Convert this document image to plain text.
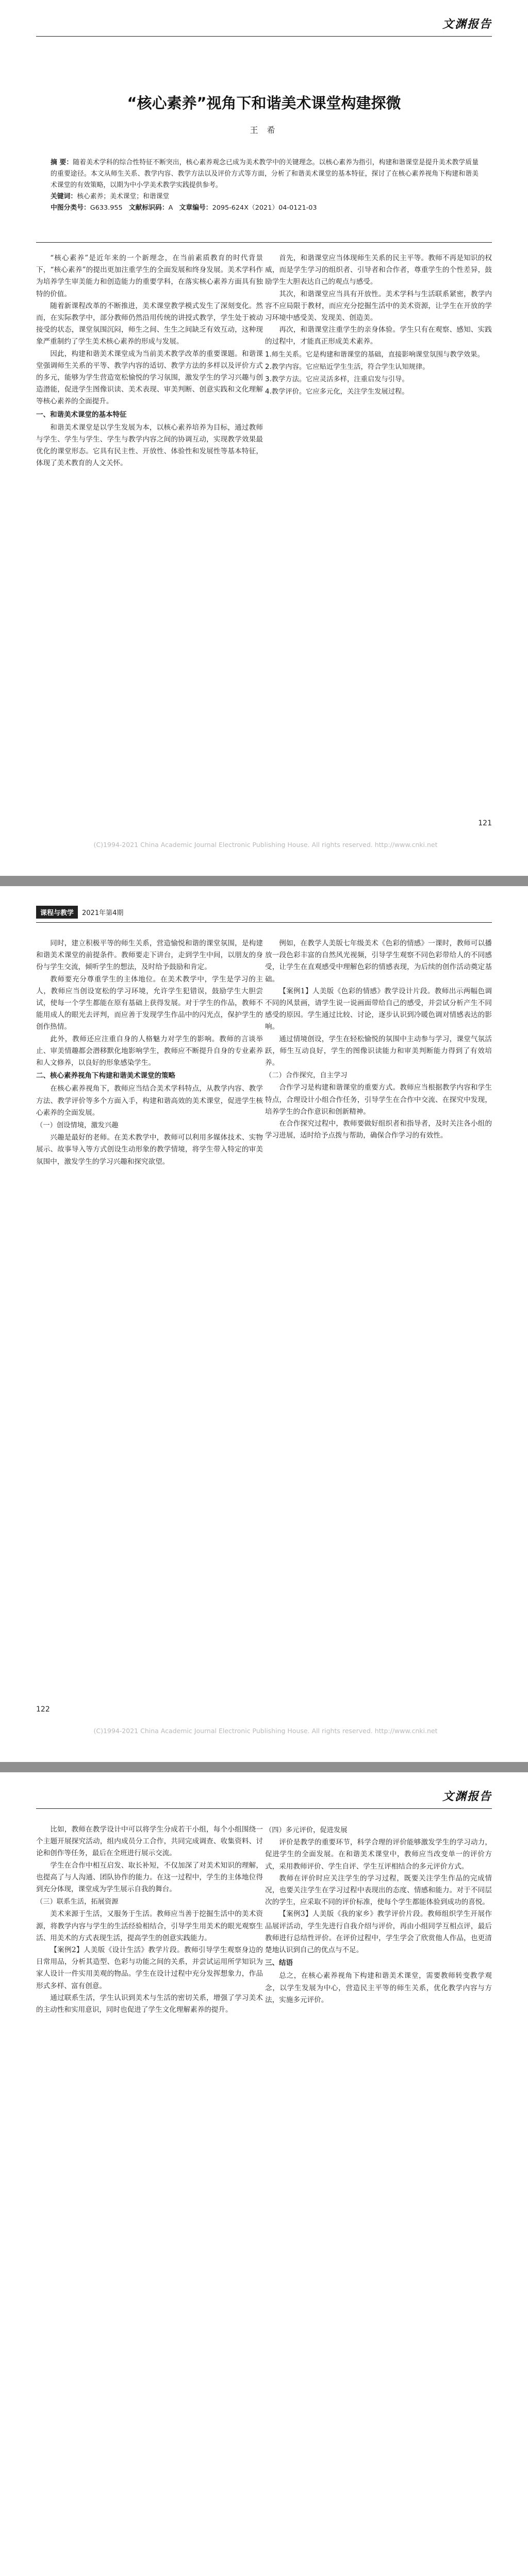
文渊报告
“核心素养”视角下和谐美术课堂构建探微
王 希
摘 要：随着美术学科的综合性特征不断突出，核心素养观念已成为美术教学中的关键理念。以核心素养为指引，构建和谐课堂是提升美术教学质量的重要途径。本文从师生关系、教学内容、教学方法以及评价方式等方面，分析了和谐美术课堂的基本特征，探讨了在核心素养视角下构建和谐美术课堂的有效策略，以期为中小学美术教学实践提供参考。
关键词：核心素养；美术课堂；和谐课堂
中图分类号：G633.955 文献标识码：A 文章编号：2095-624X（2021）04-0121-03

“核心素养”是近年来的一个新理念，在当前素质教育的时代背景下，“核心素养”的提出更加注重学生的全面发展和终身发展。美术学科作为培养学生审美能力和创造能力的重要学科，在落实核心素养方面具有独特的价值。

随着新课程改革的不断推进，美术课堂教学模式发生了深刻变化。然而，在实际教学中，部分教师仍然沿用传统的讲授式教学，学生处于被动接受的状态，课堂氛围沉闷，师生之间、生生之间缺乏有效互动，这种现象严重制约了学生美术核心素养的形成与发展。

因此，构建和谐美术课堂成为当前美术教学改革的重要课题。和谐课堂强调师生关系的平等、教学内容的适切、教学方法的多样以及评价方式的多元，能够为学生营造宽松愉悦的学习氛围，激发学生的学习兴趣与创造潜能，促进学生图像识读、美术表现、审美判断、创意实践和文化理解等核心素养的全面提升。

一、和谐美术课堂的基本特征

和谐美术课堂是以学生发展为本，以核心素养培养为目标，通过教师与学生、学生与学生、学生与教学内容之间的协调互动，实现教学效果最优化的课堂形态。它具有民主性、开放性、体验性和发展性等基本特征，体现了美术教育的人文关怀。

首先，和谐课堂应当体现师生关系的民主平等。教师不再是知识的权威，而是学生学习的组织者、引导者和合作者，尊重学生的个性差异，鼓励学生大胆表达自己的观点与感受。

其次，和谐课堂应当具有开放性。美术学科与生活联系紧密，教学内容不应局限于教材，而应充分挖掘生活中的美术资源，让学生在开放的学习环境中感受美、发现美、创造美。

再次，和谐课堂注重学生的亲身体验。学生只有在观察、感知、实践的过程中，才能真正形成美术素养。

1.师生关系。它是构建和谐课堂的基础，直接影响课堂氛围与教学效果。

2.教学内容。它应贴近学生生活，符合学生认知规律。

3.教学方法。它应灵活多样，注重启发与引导。

4.教学评价。它应多元化，关注学生发展过程。

121
(C)1994-2021 China Academic Journal Electronic Publishing House. All rights reserved. http://www.cnki.net
课程与教学 2021年第4期

同时，建立积极平等的师生关系，营造愉悦和谐的课堂氛围，是构建和谐美术课堂的前提条件。教师要走下讲台，走到学生中间，以朋友的身份与学生交流，倾听学生的想法，及时给予鼓励和肯定。

教师要充分尊重学生的主体地位。在美术教学中，学生是学习的主人，教师应当创设宽松的学习环境，允许学生犯错误，鼓励学生大胆尝试，使每一个学生都能在原有基础上获得发展。对于学生的作品，教师不能用成人的眼光去评判，而应善于发现学生作品中的闪光点，保护学生的创作热情。

此外，教师还应注重自身的人格魅力对学生的影响。教师的言谈举止、审美情趣都会潜移默化地影响学生，教师应不断提升自身的专业素养和人文修养，以良好的形象感染学生。

二、核心素养视角下构建和谐美术课堂的策略

在核心素养视角下，教师应当结合美术学科特点，从教学内容、教学方法、教学评价等多个方面入手，构建和谐高效的美术课堂，促进学生核心素养的全面发展。

（一）创设情境，激发兴趣

兴趣是最好的老师。在美术教学中，教师可以利用多媒体技术、实物展示、故事导入等方式创设生动形象的教学情境，将学生带入特定的审美氛围中，激发学生的学习兴趣和探究欲望。

例如，在教学人美版七年级美术《色彩的情感》一课时，教师可以播放一段色彩丰富的自然风光视频，引导学生观察不同色彩带给人的不同感受，让学生在直观感受中理解色彩的情感表现，为后续的创作活动奠定基础。

【案例1】人美版《色彩的情感》教学设计片段。教师出示两幅色调不同的风景画，请学生说一说画面带给自己的感受，并尝试分析产生不同感受的原因。学生通过比较、讨论，逐步认识到冷暖色调对情感表达的影响。

通过情境创设，学生在轻松愉悦的氛围中主动参与学习，课堂气氛活跃，师生互动良好，学生的图像识读能力和审美判断能力得到了有效培养。

（二）合作探究，自主学习

合作学习是构建和谐课堂的重要方式。教师应当根据教学内容和学生特点，合理设计小组合作任务，引导学生在合作中交流、在探究中发现，培养学生的合作意识和创新精神。

在合作探究过程中，教师要做好组织者和指导者，及时关注各小组的学习进展，适时给予点拨与帮助，确保合作学习的有效性。

122
(C)1994-2021 China Academic Journal Electronic Publishing House. All rights reserved. http://www.cnki.net
文渊报告

比如，教师在教学设计中可以将学生分成若干小组，每个小组围绕一个主题开展探究活动，组内成员分工合作，共同完成调查、收集资料、讨论和创作等任务，最后在全班进行展示交流。

学生在合作中相互启发、取长补短，不仅加深了对美术知识的理解，也提高了与人沟通、团队协作的能力。在这一过程中，学生的主体地位得到充分体现，课堂成为学生展示自我的舞台。

（三）联系生活，拓展资源

美术来源于生活，又服务于生活。教师应当善于挖掘生活中的美术资源，将教学内容与学生的生活经验相结合，引导学生用美术的眼光观察生活、用美术的方式表现生活，提高学生的创意实践能力。

【案例2】人美版《设计生活》教学片段。教师引导学生观察身边的日常用品，分析其造型、色彩与功能之间的关系，并尝试运用所学知识为家人设计一件实用美观的物品。学生在设计过程中充分发挥想象力，作品形式多样、富有创意。

通过联系生活，学生认识到美术与生活的密切关系，增强了学习美术的主动性和实用意识，同时也促进了学生文化理解素养的提升。

（四）多元评价，促进发展

评价是教学的重要环节，科学合理的评价能够激发学生的学习动力，促进学生的全面发展。在和谐美术课堂中，教师应当改变单一的评价方式，采用教师评价、学生自评、学生互评相结合的多元评价方式。

教师在评价时应关注学生的学习过程，既要关注学生作品的完成情况，也要关注学生在学习过程中表现出的态度、情感和能力。对于不同层次的学生，应采取不同的评价标准，使每个学生都能体验到成功的喜悦。

【案例3】人美版《我的家乡》教学评价片段。教师组织学生开展作品展评活动，学生先进行自我介绍与评价，再由小组同学互相点评，最后教师进行总结性评价。在评价过程中，学生学会了欣赏他人作品，也更清楚地认识到自己的优点与不足。

三、结语

总之，在核心素养视角下构建和谐美术课堂，需要教师转变教学观念，以学生发展为中心，营造民主平等的师生关系，优化教学内容与方法，实施多元评价。
